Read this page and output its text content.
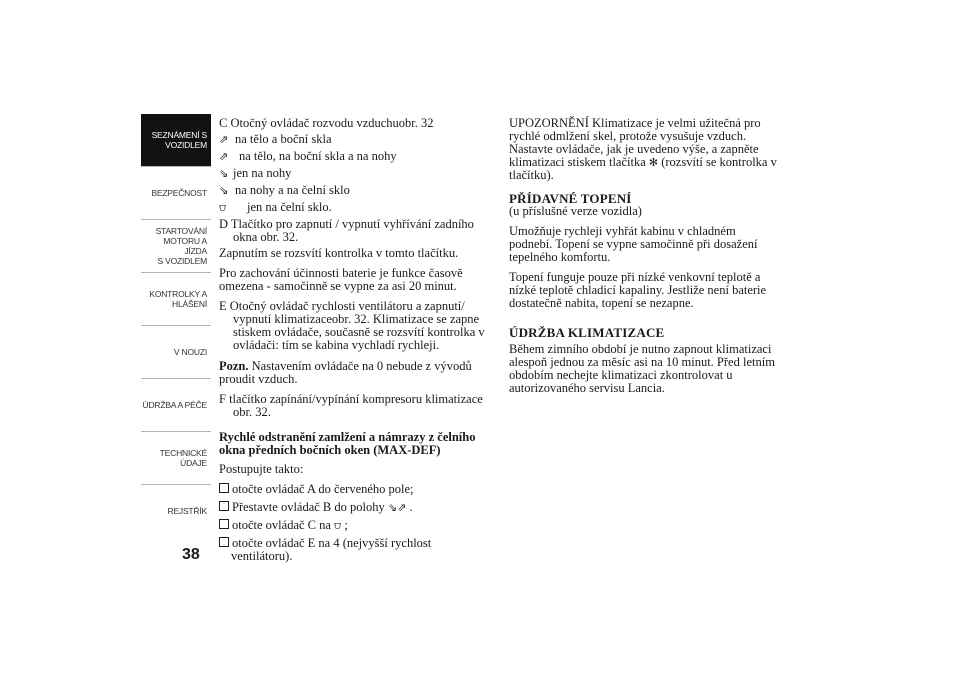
SEZNÁMENÍ S
VOZIDLEM
BEZPEČNOST
STARTOVÁNÍ
MOTORU A JÍZDA
S VOZIDLEM
KONTROLKY A
HLÁŠENÍ
V NOUZI
ÚDRŽBA A PÉČE
TECHNICKÉ
ÚDAJE
REJSTŘÍK
38
C Otočný ovládač rozvodu vzduchuobr. 32
⇗ na tělo a boční skla
⇗ na tělo, na boční skla a na nohy
⇘ jen na nohy
⇘ na nohy a na čelní sklo
⩌	jen na čelní sklo.
D Tlačítko pro zapnutí / vypnutí vyhřívání zadního okna obr. 32.

Zapnutím se rozsvítí kontrolka v tomto tlačítku.

Pro zachování účinnosti baterie je funkce časově omezena - samočinně se vypne za asi 20 minut.

E Otočný ovládač rychlosti ventilátoru a zapnutí/ vypnutí klimatizaceobr. 32. Klimatizace se zapne stiskem ovládače, současně se rozsvítí kontrolka v ovládači: tím se kabina vychladí rychleji.

Pozn. Nastavením ovládače na 0 nebude z vývodů proudit vzduch.

F tlačítko zapínání/vypínání kompresoru klimatizace obr. 32.
Rychlé odstranění zamlžení a námrazy z čelního okna předních bočních oken (MAX-DEF)

Postupujte takto:

otočte ovládač A do červeného pole;
Přestavte ovládač B do polohy ⇘⇗ .
otočte ovládač C na ⩌ ;
otočte ovládač E na 4 (nejvyšší rychlost ventilátoru).

UPOZORNĚNÍ Klimatizace je velmi užitečná pro rychlé odmlžení skel, protože vysušuje vzduch. Nastavte ovládače, jak je uvedeno výše, a zapněte klimatizaci stiskem tlačítka ✻ (rozsvítí se kontrolka v tlačítku).

PŘÍDAVNÉ TOPENÍ

(u příslušné verze vozidla)

Umožňuje rychleji vyhřát kabinu v chladném podnebí. Topení se vypne samočinně při dosažení tepelného komfortu.

Topení funguje pouze při nízké venkovní teplotě a nízké teplotě chladicí kapaliny. Jestliže není baterie dostatečně nabita, topení se nezapne.

ÚDRŽBA KLIMATIZACE

Během zimního období je nutno zapnout klimatizaci alespoň jednou za měsíc asi na 10 minut. Před letním obdobím nechejte klimatizaci zkontrolovat u autorizovaného servisu Lancia.
